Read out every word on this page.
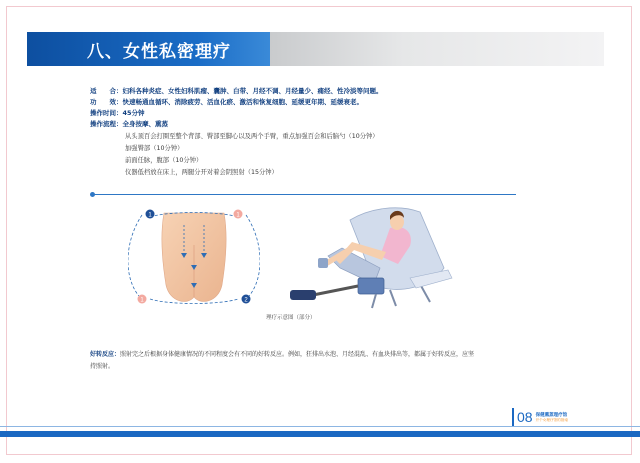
八、女性私密理疗
适　　合：妇科各种炎症、女性妇科肌瘤、囊肿、白带、月经不调、月经量少、痛经、性冷淡等问题。
功　　效：快速畅通血循环、消除疲劳、活血化瘀、激活和恢复细胞、延缓更年期、延缓衰老。
操作时间：45分钟
操作流程：全身按摩、熏蒸
从头顶百会打圈至整个背部、臀部至脚心以及两个手臂，重点加强百会和后脑勺（10分钟）
加强臀部（10分钟）
前面任脉，腹部（10分钟）
仪器低档放在床上，两腿分开对着会阴照射（15分钟）
1	1
1	2
理疗示意图（部分）
好转反应：照射完之后根据身体健康情况的不同程度会有不同的好转反应。例如，狂排出水泡、月经混乱、有血块排出等，都属于好转反应，应坚持照射。
08 保健熏蒸理疗馆
开个女理疗馆的指南
